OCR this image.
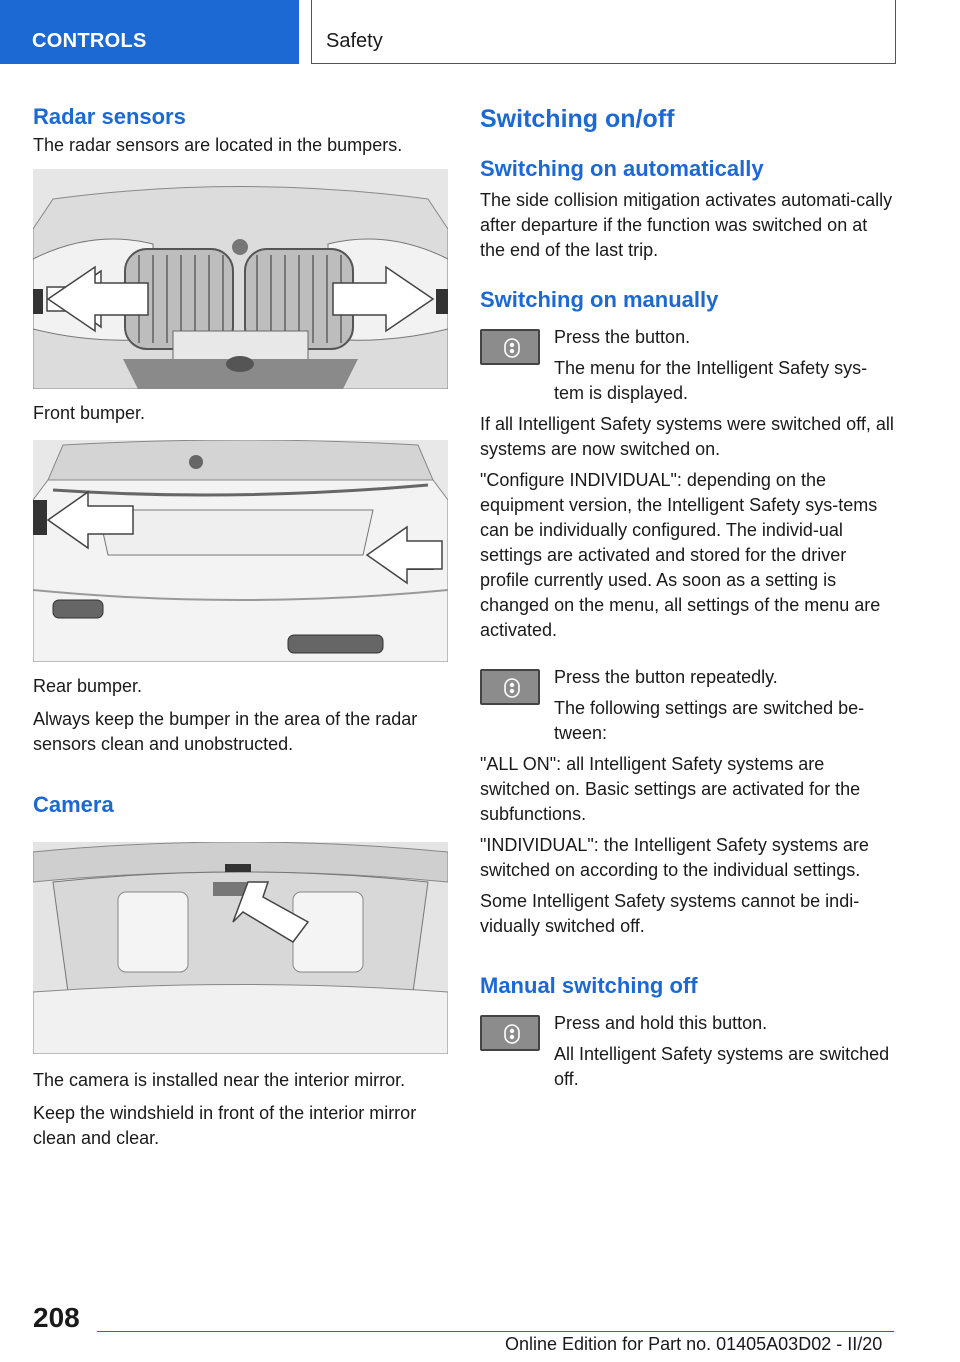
CONTROLS	Safety
Radar sensors

The radar sensors are located in the bumpers.

Front bumper.

Rear bumper.

Always keep the bumper in the area of the radar sensors clean and unobstructed.

Camera

The camera is installed near the interior mirror.

Keep the windshield in front of the interior mirror clean and clear.

Switching on/off
Switching on automatically

The side collision mitigation activates automati-cally after departure if the function was switched on at the end of the last trip.

Switching on manually

Press the button.

The menu for the Intelligent Safety sys-tem is displayed.

If all Intelligent Safety systems were switched off, all systems are now switched on.

"Configure INDIVIDUAL": depending on the equipment version, the Intelligent Safety sys-tems can be individually configured. The individ-ual settings are activated and stored for the driver profile currently used. As soon as a setting is changed on the menu, all settings of the menu are activated.

Press the button repeatedly.

The following settings are switched be-tween:

"ALL ON": all Intelligent Safety systems are switched on. Basic settings are activated for the subfunctions.

"INDIVIDUAL": the Intelligent Safety systems are switched on according to the individual settings.

Some Intelligent Safety systems cannot be indi-vidually switched off.

Manual switching off

Press and hold this button.

All Intelligent Safety systems are switched off.

208
Online Edition for Part no. 01405A03D02 - II/20
